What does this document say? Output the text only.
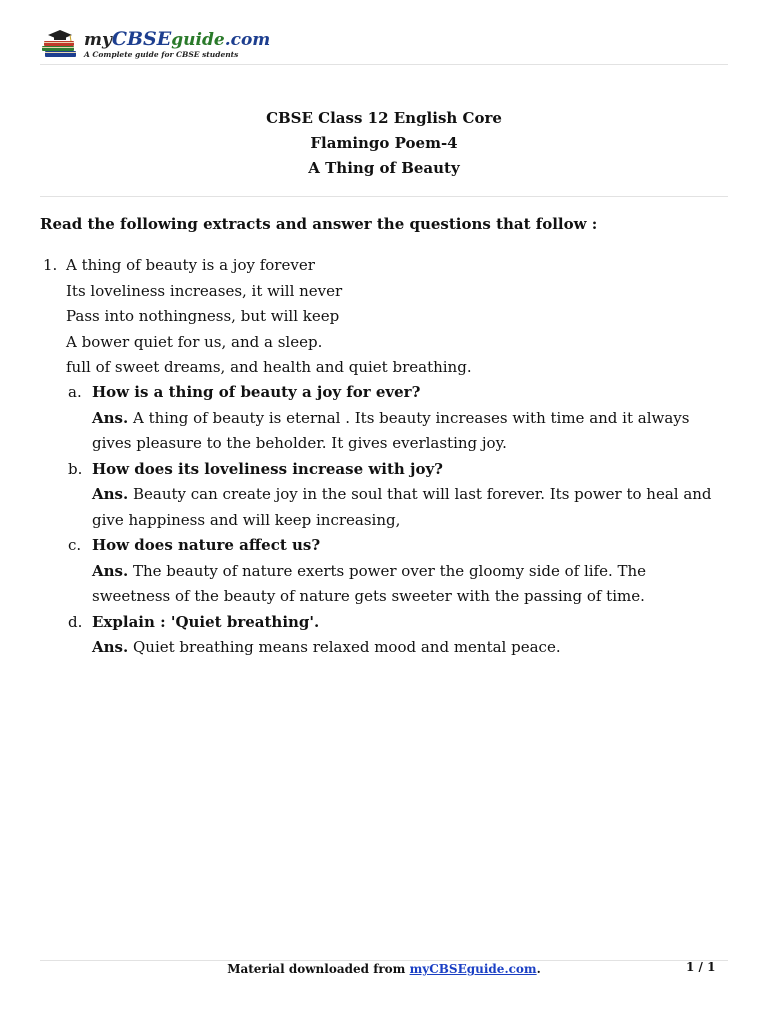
myCBSEguide.com
A Complete guide for CBSE students
CBSE Class 12 English Core
Flamingo Poem-4
A Thing of Beauty
Read the following extracts and answer the questions that follow :
1. A thing of beauty is a joy forever
Its loveliness increases, it will never
Pass into nothingness, but will keep
A bower quiet for us, and a sleep.
full of sweet dreams, and health and quiet breathing.
a. How is a thing of beauty a joy for ever?
Ans. A thing of beauty is eternal . Its beauty increases with time and it always gives pleasure to the beholder. It gives everlasting joy.
b. How does its loveliness increase with joy?
Ans. Beauty can create joy in the soul that will last forever. Its power to heal and give happiness and will keep increasing,
c. How does nature affect us?
Ans. The beauty of nature exerts power over the gloomy side of life. The sweetness of the beauty of nature gets sweeter with the passing of time.
d. Explain : 'Quiet breathing'.
Ans. Quiet breathing means relaxed mood and mental peace.
Material downloaded from myCBSEguide.com.	1 / 1
